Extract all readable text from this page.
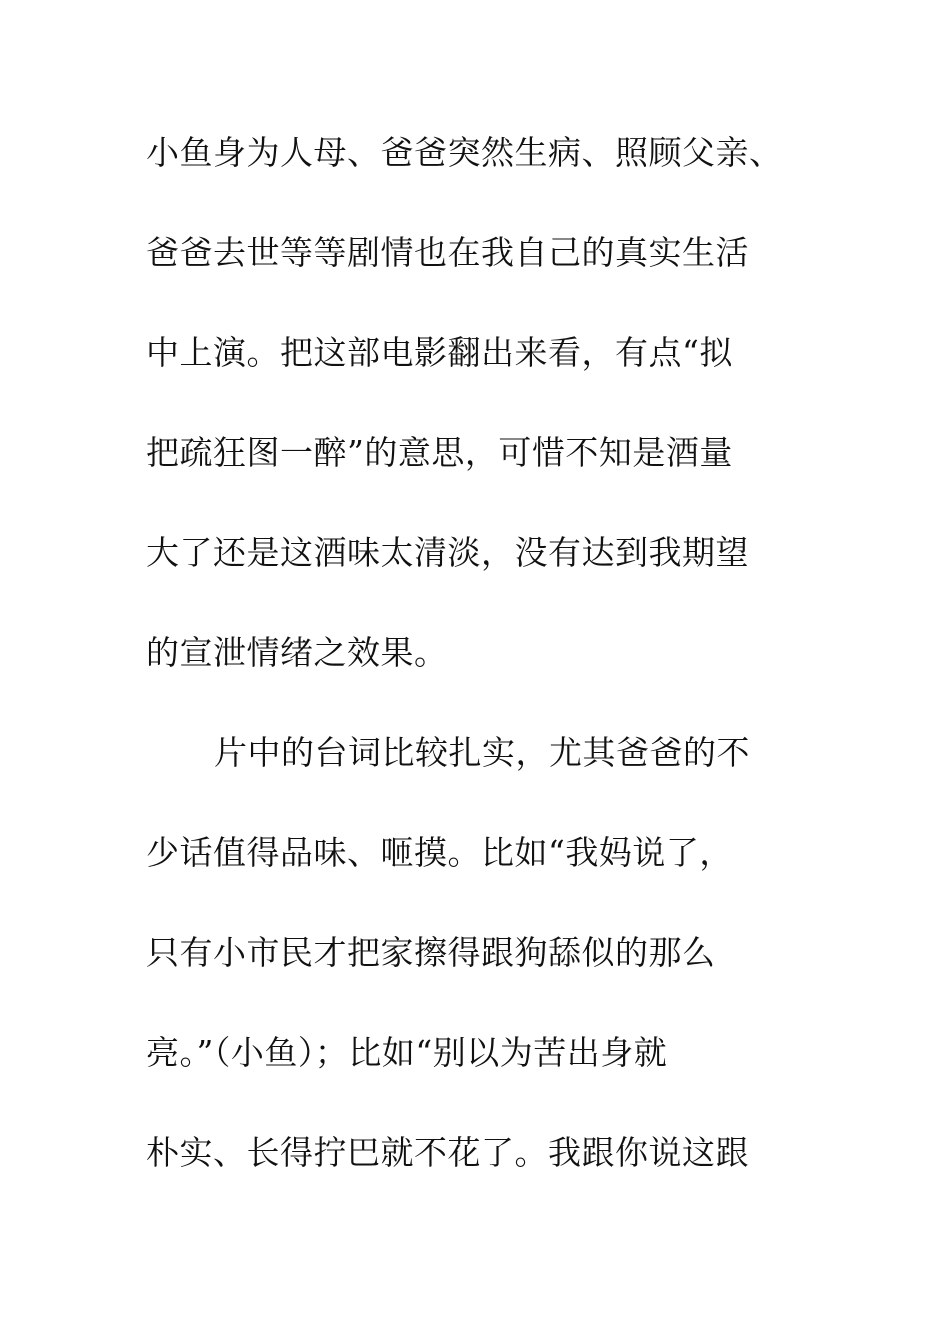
小鱼身为人母、爸爸突然生病、照顾父亲、
爸爸去世等等剧情也在我自己的真实生活
中上演。把这部电影翻出来看，有点“拟
把疏狂图一醉”的意思，可惜不知是酒量
大了还是这酒味太清淡，没有达到我期望
的宣泄情绪之效果。
片中的台词比较扎实，尤其爸爸的不
少话值得品味、咂摸。比如“我妈说了，
只有小市民才把家擦得跟狗舔似的那么
亮。”（小鱼）；比如“别以为苦出身就
朴实、长得拧巴就不花了。我跟你说这跟
